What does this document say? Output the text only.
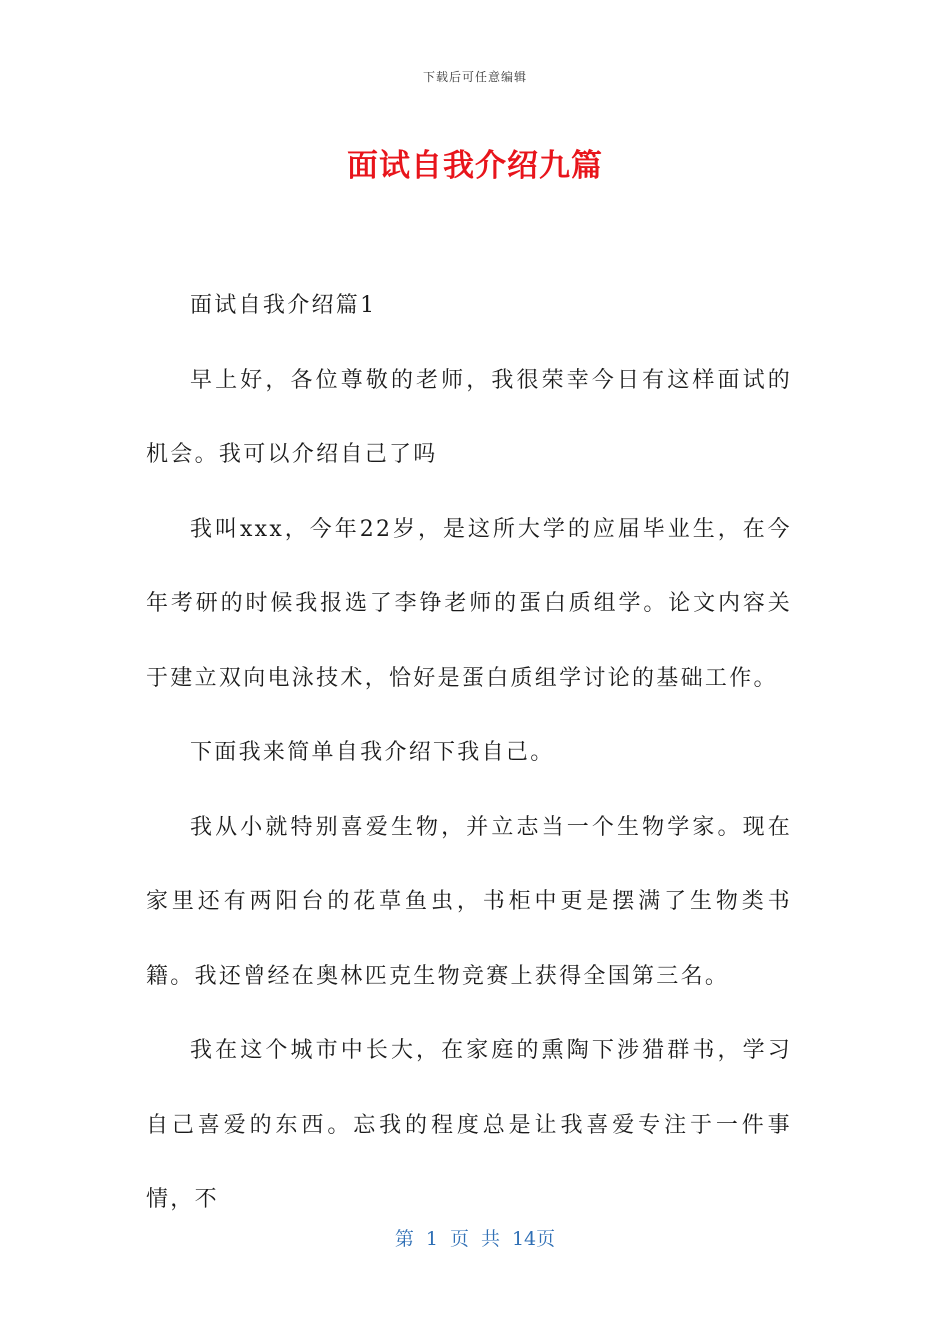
下载后可任意编辑
面试自我介绍九篇

面试自我介绍篇1

早上好，各位尊敬的老师，我很荣幸今日有这样面试的机会。我可以介绍自己了吗

我叫xxx，今年22岁，是这所大学的应届毕业生，在今年考研的时候我报选了李铮老师的蛋白质组学。论文内容关于建立双向电泳技术，恰好是蛋白质组学讨论的基础工作。

下面我来简单自我介绍下我自己。

我从小就特别喜爱生物，并立志当一个生物学家。现在家里还有两阳台的花草鱼虫，书柜中更是摆满了生物类书籍。我还曾经在奥林匹克生物竞赛上获得全国第三名。

我在这个城市中长大，在家庭的熏陶下涉猎群书，学习自己喜爱的东西。忘我的程度总是让我喜爱专注于一件事情，不

第 1 页 共 14页
